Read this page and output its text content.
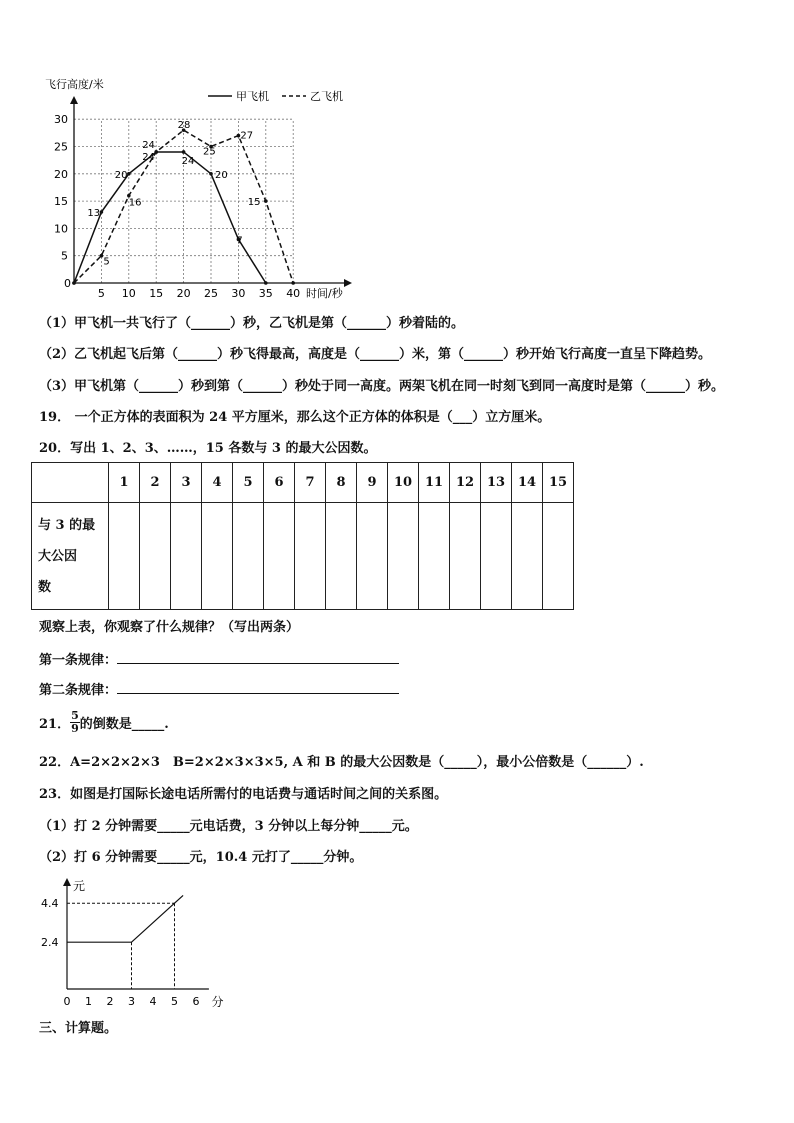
飞行高度/米
甲飞机	乙飞机
0
5 10 15 20 25 30 35 40
5
10
15
20
25
30
时间/秒
13
20
24
24
20
7
5
16
24
28
25
27
15
（1）甲飞机一共飞行了（______）秒，乙飞机是第（______）秒着陆的。
（2）乙飞机起飞后第（______）秒飞得最高，高度是（______）米，第（______）秒开始飞行高度一直呈下降趋势。
（3）甲飞机第（______）秒到第（______）秒处于同一高度。两架飞机在同一时刻飞到同一高度时是第（______）秒。
19． 一个正方体的表面积为 24 平方厘米，那么这个正方体的体积是（___）立方厘米。
20．写出 1、2、3、……，15 各数与 3 的最大公因数。
	1	2	3	4	5	6	7	8	9	10	11	12	13	14	15

与 3 的最
大公因
数															

观察上表，你观察了什么规律？（写出两条）
第一条规律：
第二条规律：
21． $\frac{5}{9}$ 的倒数是_____.
22．A=2×2×2×3　B=2×2×3×3×5, A 和 B 的最大公因数是（_____），最小公倍数是（______）.
23．如图是打国际长途电话所需付的电话费与通话时间之间的关系图。
（1）打 2 分钟需要_____元电话费，3 分钟以上每分钟_____元。
（2）打 6 分钟需要_____元，10.4 元打了_____分钟。
元
0 1 2 3 4 5 6 分
2.4
4.4
三、计算题。
